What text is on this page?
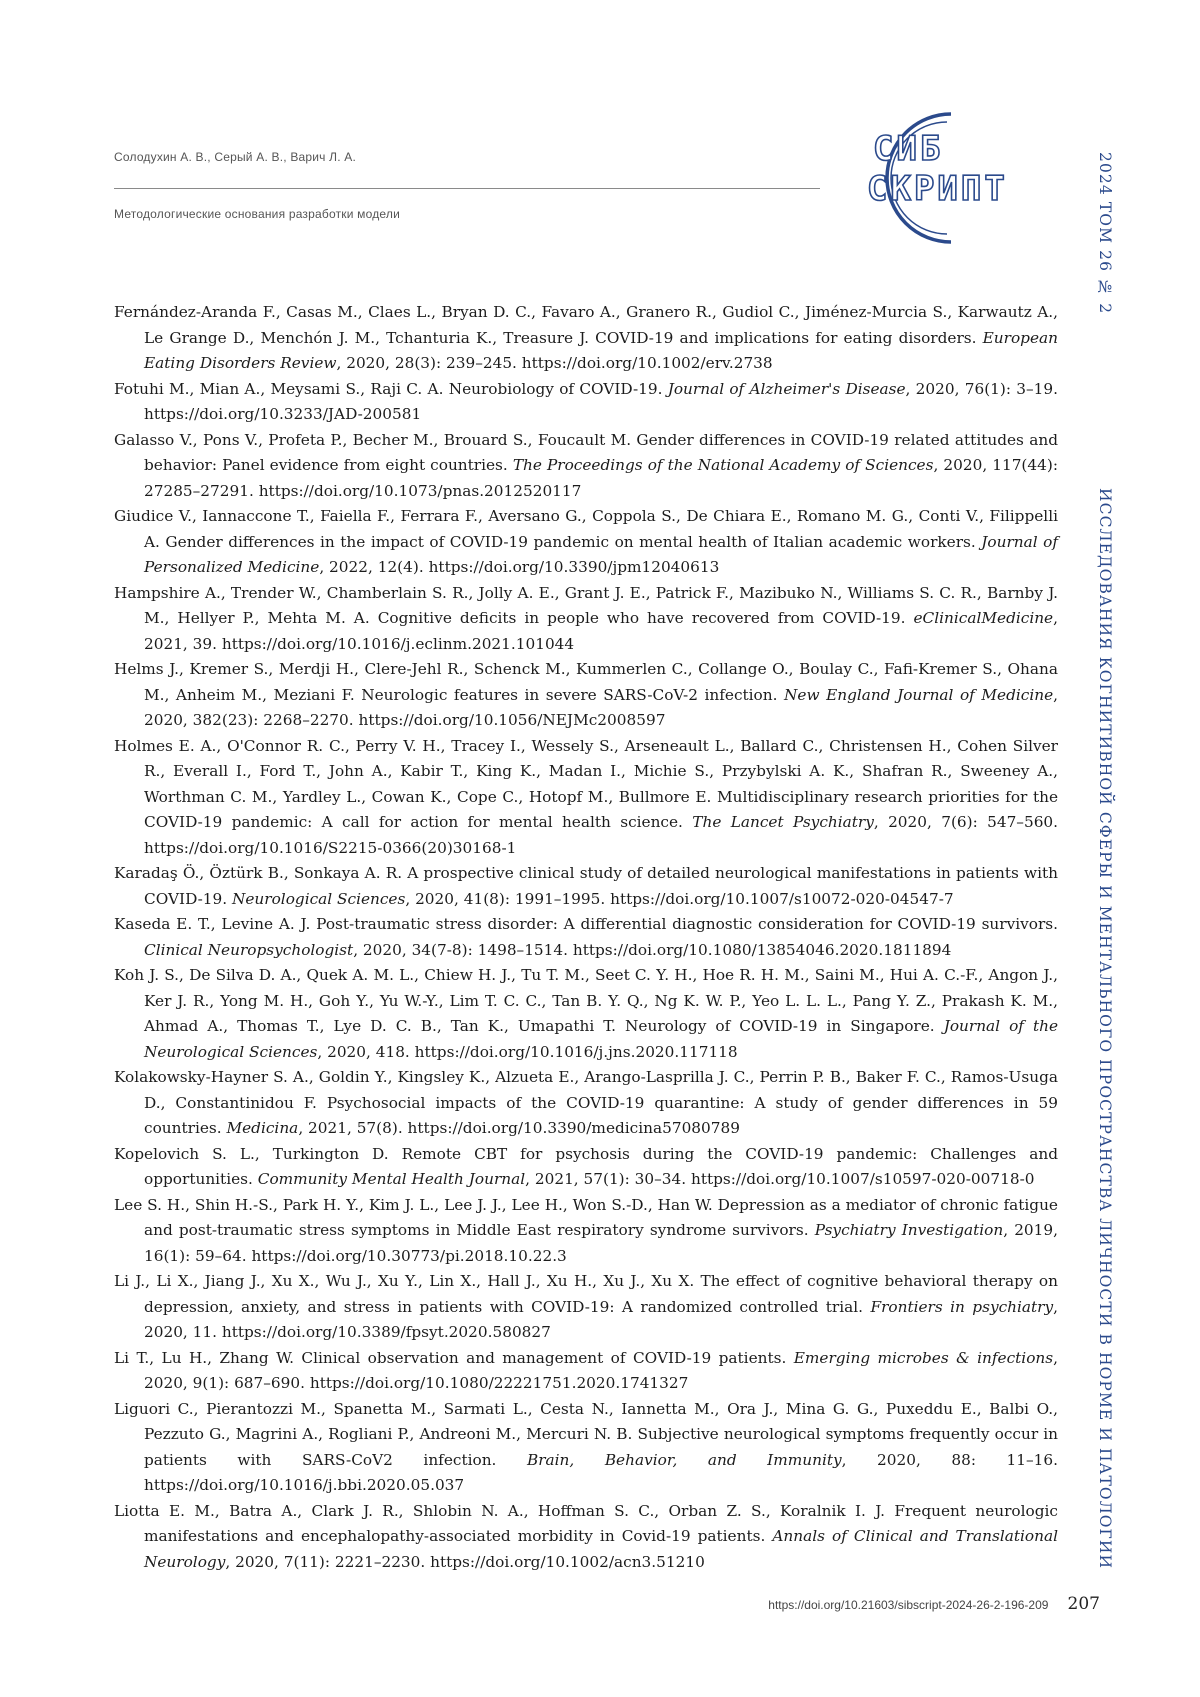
Солодухин А. В., Серый А. В., Варич Л. А.
Методологические основания разработки модели
СИБ
СКРИПТ	2024 ТОМ 26 № 2 ИССЛЕДОВАНИЯ КОГНИТИВНОЙ СФЕРЫ И МЕНТАЛЬНОГО ПРОСТРАНСТВА ЛИЧНОСТИ В НОРМЕ И ПАТОЛОГИИ

Fernández-Aranda F., Casas M., Claes L., Bryan D. C., Favaro A., Granero R., Gudiol C., Jiménez-Murcia S., Karwautz A., Le Grange D., Menchón J. M., Tchanturia K., Treasure J. COVID-19 and implications for eating disorders. European Eating Disorders Review, 2020, 28(3): 239–245. https://doi.org/10.1002/erv.2738

Fotuhi M., Mian A., Meysami S., Raji C. A. Neurobiology of COVID-19. Journal of Alzheimer's Disease, 2020, 76(1): 3–19. https://doi.org/10.3233/JAD-200581

Galasso V., Pons V., Profeta P., Becher M., Brouard S., Foucault M. Gender differences in COVID-19 related attitudes and behavior: Panel evidence from eight countries. The Proceedings of the National Academy of Sciences, 2020, 117(44): 27285–27291. https://doi.org/10.1073/pnas.2012520117

Giudice V., Iannaccone T., Faiella F., Ferrara F., Aversano G., Coppola S., De Chiara E., Romano M. G., Conti V., Filippelli A. Gender differences in the impact of COVID-19 pandemic on mental health of Italian academic workers. Journal of Personalized Medicine, 2022, 12(4). https://doi.org/10.3390/jpm12040613

Hampshire A., Trender W., Chamberlain S. R., Jolly A. E., Grant J. E., Patrick F., Mazibuko N., Williams S. C. R., Barnby J. M., Hellyer P., Mehta M. A. Cognitive deficits in people who have recovered from COVID-19. eClinicalMedicine, 2021, 39. https://doi.org/10.1016/j.eclinm.2021.101044

Helms J., Kremer S., Merdji H., Clere-Jehl R., Schenck M., Kummerlen C., Collange O., Boulay C., Fafi-Kremer S., Ohana M., Anheim M., Meziani F. Neurologic features in severe SARS-CoV-2 infection. New England Journal of Medicine, 2020, 382(23): 2268–2270. https://doi.org/10.1056/NEJMc2008597

Holmes E. A., O'Connor R. C., Perry V. H., Tracey I., Wessely S., Arseneault L., Ballard C., Christensen H., Cohen Silver R., Everall I., Ford T., John A., Kabir T., King K., Madan I., Michie S., Przybylski A. K., Shafran R., Sweeney A., Worthman C. M., Yardley L., Cowan K., Cope C., Hotopf M., Bullmore E. Multidisciplinary research priorities for the COVID-19 pandemic: A call for action for mental health science. The Lancet Psychiatry, 2020, 7(6): 547–560. https://doi.org/10.1016/S2215-0366(20)30168-1

Karadaş Ö., Öztürk B., Sonkaya A. R. A prospective clinical study of detailed neurological manifestations in patients with COVID-19. Neurological Sciences, 2020, 41(8): 1991–1995. https://doi.org/10.1007/s10072-020-04547-7

Kaseda E. T., Levine A. J. Post-traumatic stress disorder: A differential diagnostic consideration for COVID-19 survivors. Clinical Neuropsychologist, 2020, 34(7-8): 1498–1514. https://doi.org/10.1080/13854046.2020.1811894

Koh J. S., De Silva D. A., Quek A. M. L., Chiew H. J., Tu T. M., Seet C. Y. H., Hoe R. H. M., Saini M., Hui A. C.-F., Angon J., Ker J. R., Yong M. H., Goh Y., Yu W.-Y., Lim T. C. C., Tan B. Y. Q., Ng K. W. P., Yeo L. L. L., Pang Y. Z., Prakash K. M., Ahmad A., Thomas T., Lye D. C. B., Tan K., Umapathi T. Neurology of COVID-19 in Singapore. Journal of the Neurological Sciences, 2020, 418. https://doi.org/10.1016/j.jns.2020.117118

Kolakowsky-Hayner S. A., Goldin Y., Kingsley K., Alzueta E., Arango-Lasprilla J. C., Perrin P. B., Baker F. C., Ramos-Usuga D., Constantinidou F. Psychosocial impacts of the COVID-19 quarantine: A study of gender differences in 59 countries. Medicina, 2021, 57(8). https://doi.org/10.3390/medicina57080789

Kopelovich S. L., Turkington D. Remote CBT for psychosis during the COVID-19 pandemic: Challenges and opportunities. Community Mental Health Journal, 2021, 57(1): 30–34. https://doi.org/10.1007/s10597-020-00718-0

Lee S. H., Shin H.-S., Park H. Y., Kim J. L., Lee J. J., Lee H., Won S.-D., Han W. Depression as a mediator of chronic fatigue and post-traumatic stress symptoms in Middle East respiratory syndrome survivors. Psychiatry Investigation, 2019, 16(1): 59–64. https://doi.org/10.30773/pi.2018.10.22.3

Li J., Li X., Jiang J., Xu X., Wu J., Xu Y., Lin X., Hall J., Xu H., Xu J., Xu X. The effect of cognitive behavioral therapy on depression, anxiety, and stress in patients with COVID-19: A randomized controlled trial. Frontiers in psychiatry, 2020, 11. https://doi.org/10.3389/fpsyt.2020.580827

Li T., Lu H., Zhang W. Clinical observation and management of COVID-19 patients. Emerging microbes & infections, 2020, 9(1): 687–690. https://doi.org/10.1080/22221751.2020.1741327

Liguori C., Pierantozzi M., Spanetta M., Sarmati L., Cesta N., Iannetta M., Ora J., Mina G. G., Puxeddu E., Balbi O., Pezzuto G., Magrini A., Rogliani P., Andreoni M., Mercuri N. B. Subjective neurological symptoms frequently occur in patients with SARS-CoV2 infection. Brain, Behavior, and Immunity, 2020, 88: 11–16. https://doi.org/10.1016/j.bbi.2020.05.037

Liotta E. M., Batra A., Clark J. R., Shlobin N. A., Hoffman S. C., Orban Z. S., Koralnik I. J. Frequent neurologic manifestations and encephalopathy-associated morbidity in Covid-19 patients. Annals of Clinical and Translational Neurology, 2020, 7(11): 2221–2230. https://doi.org/10.1002/acn3.51210

https://doi.org/10.21603/sibscript-2024-26-2-196-209 207
